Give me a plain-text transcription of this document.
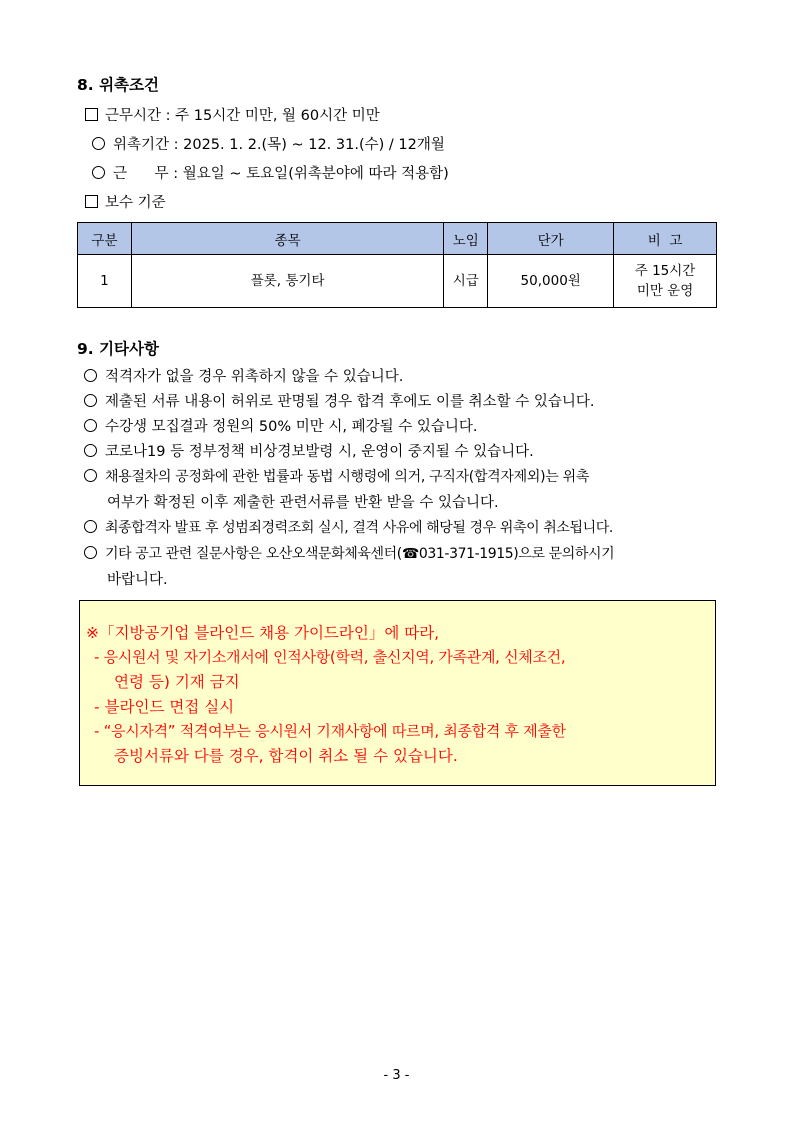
8. 위촉조건
근무시간 : 주 15시간 미만, 월 60시간 미만
위촉기간 : 2025. 1. 2.(목) ~ 12. 31.(수) / 12개월
근      무 : 월요일 ~ 토요일(위촉분야에 따라 적용함)
보수 기준
구분	종목	노임	단가	비  고
1	플롯, 통기타	시급	50,000원	주 15시간
미만 운영
9. 기타사항
적격자가 없을 경우 위촉하지 않을 수 있습니다.
제출된 서류 내용이 허위로 판명될 경우 합격 후에도 이를 취소할 수 있습니다.
수강생 모집결과 정원의 50% 미만 시, 폐강될 수 있습니다.
코로나19 등 정부정책 비상경보발령 시, 운영이 중지될 수 있습니다.
채용절차의 공정화에 관한 법률과 동법 시행령에 의거, 구직자(합격자제외)는 위촉
여부가 확정된 이후 제출한 관련서류를 반환 받을 수 있습니다.
최종합격자 발표 후 성범죄경력조회 실시, 결격 사유에 해당될 경우 위촉이 취소됩니다.
기타 공고 관련 질문사항은 오산오색문화체육센터(☎031-371-1915)으로 문의하시기
바랍니다.
※「지방공기업 블라인드 채용 가이드라인」에 따라,
- 응시원서 및 자기소개서에 인적사항(학력, 출신지역, 가족관계, 신체조건,
연령 등) 기재 금지
- 블라인드 면접 실시
- “응시자격” 적격여부는 응시원서 기재사항에 따르며, 최종합격 후 제출한
증빙서류와 다를 경우, 합격이 취소 될 수 있습니다.
- 3 -
